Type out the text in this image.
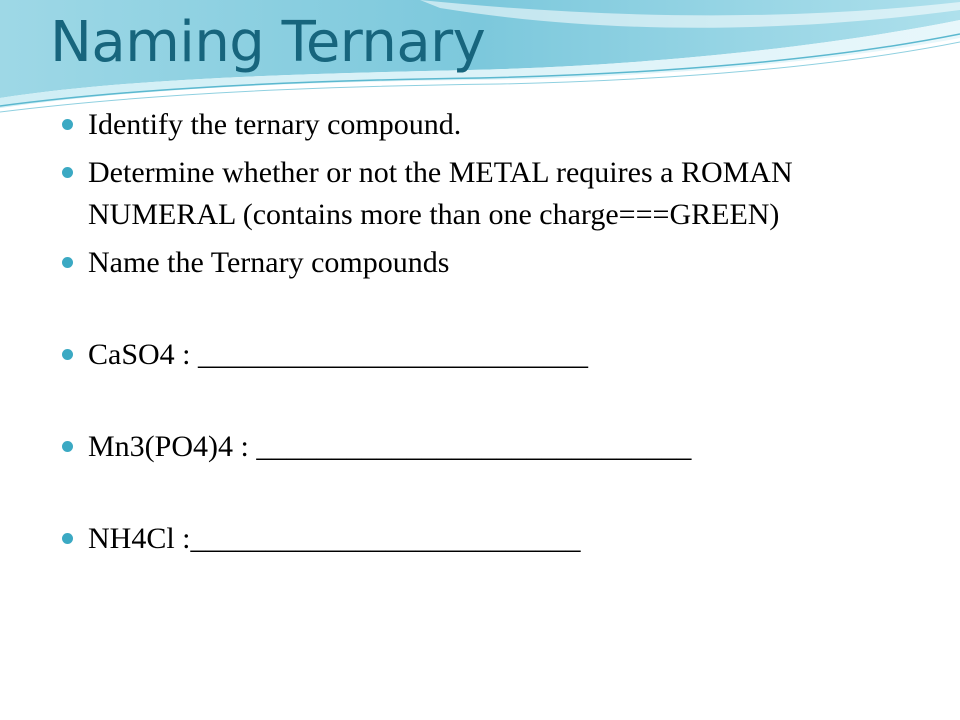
Naming Ternary
Identify the ternary compound.
Determine whether or not the METAL requires a ROMAN NUMERAL (contains more than one charge===GREEN)
Name the Ternary compounds
CaSO4 : __________________________
Mn3(PO4)4 : _____________________________
NH4Cl :__________________________
